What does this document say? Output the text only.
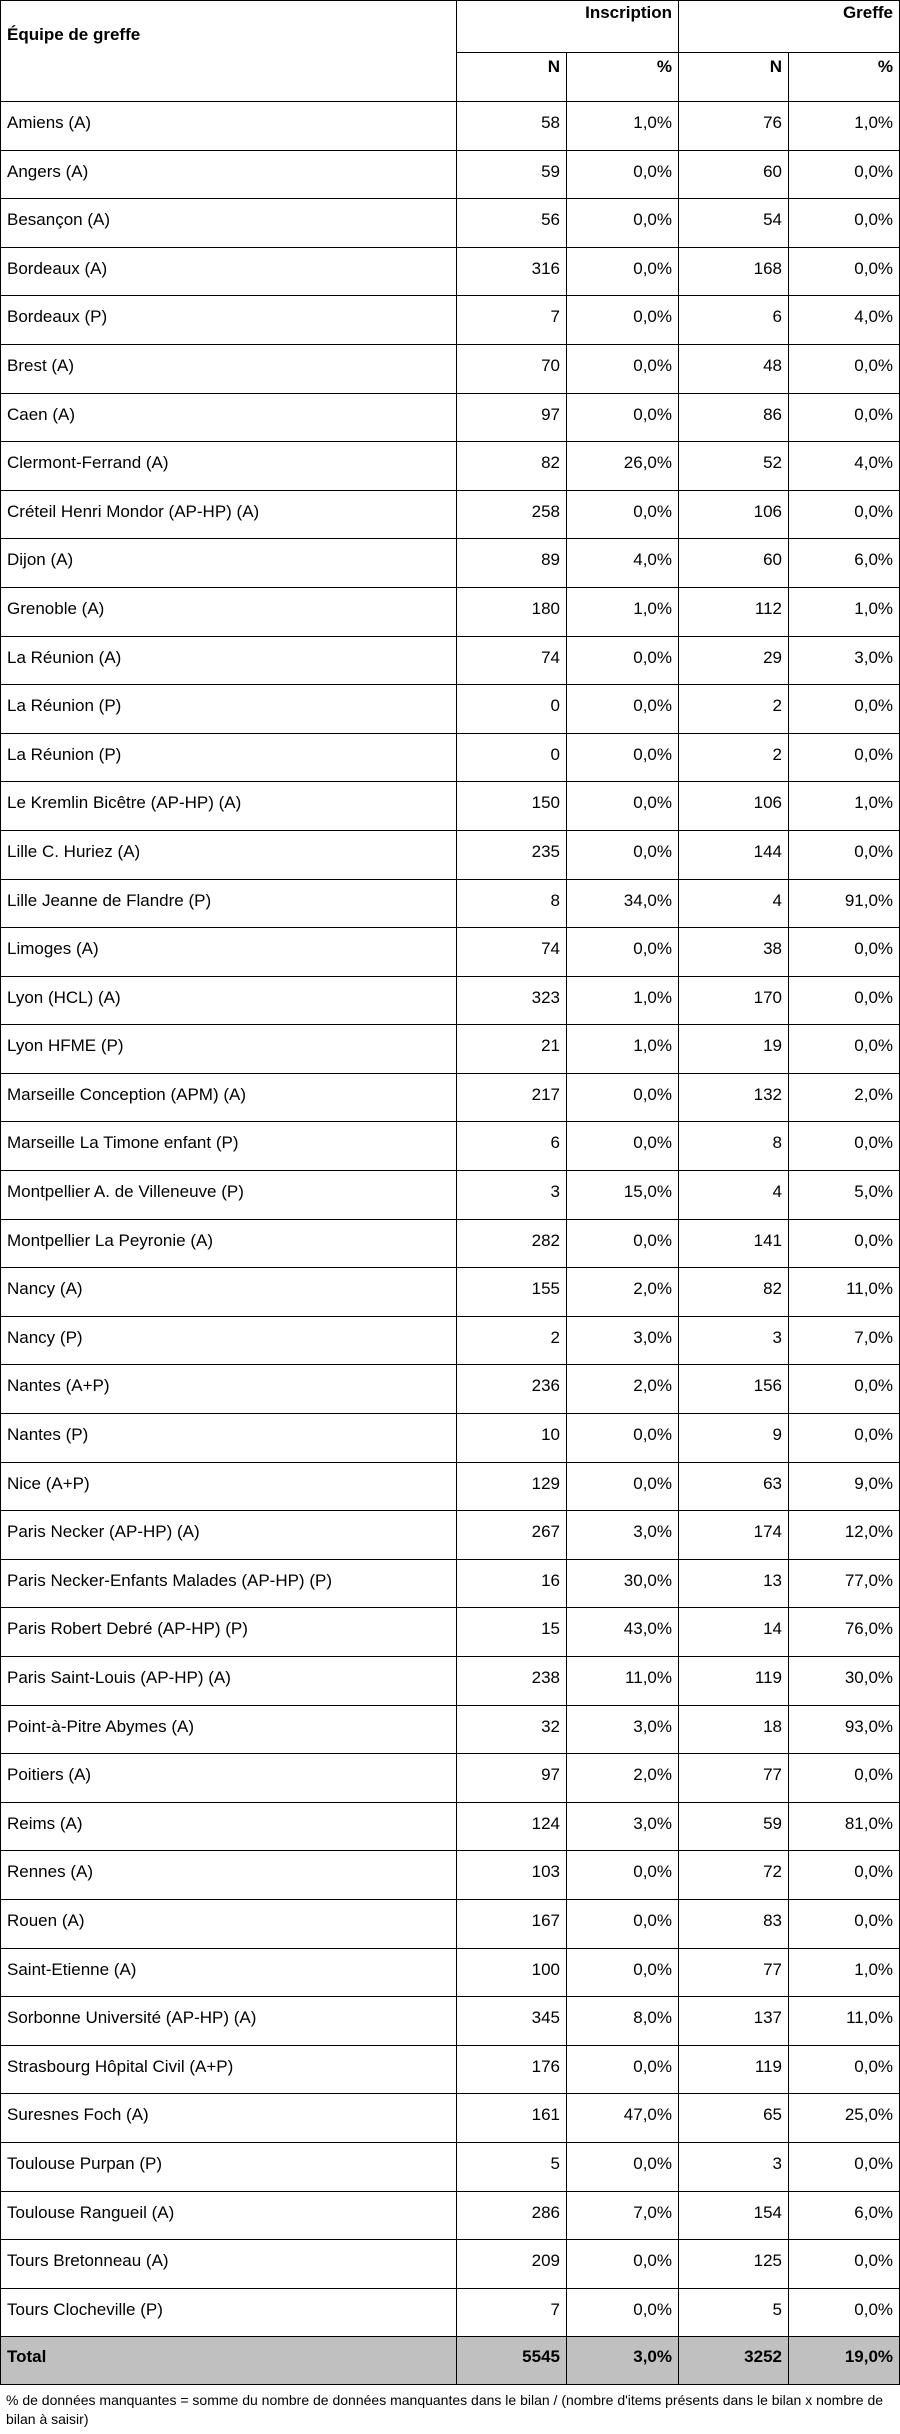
Équipe de greffe	Inscription		Greffe	
	N	%	N	%
Amiens (A)	58	1,0%	76	1,0%
Angers (A)	59	0,0%	60	0,0%
Besançon (A)	56	0,0%	54	0,0%
Bordeaux (A)	316	0,0%	168	0,0%
Bordeaux (P)	7	0,0%	6	4,0%
Brest (A)	70	0,0%	48	0,0%
Caen (A)	97	0,0%	86	0,0%
Clermont-Ferrand (A)	82	26,0%	52	4,0%
Créteil Henri Mondor (AP-HP) (A)	258	0,0%	106	0,0%
Dijon (A)	89	4,0%	60	6,0%
Grenoble (A)	180	1,0%	112	1,0%
La Réunion (A)	74	0,0%	29	3,0%
La Réunion (P)	0	0,0%	2	0,0%
La Réunion (P)	0	0,0%	2	0,0%
Le Kremlin Bicêtre (AP-HP) (A)	150	0,0%	106	1,0%
Lille C. Huriez (A)	235	0,0%	144	0,0%
Lille Jeanne de Flandre (P)	8	34,0%	4	91,0%
Limoges (A)	74	0,0%	38	0,0%
Lyon (HCL) (A)	323	1,0%	170	0,0%
Lyon HFME (P)	21	1,0%	19	0,0%
Marseille Conception (APM) (A)	217	0,0%	132	2,0%
Marseille La Timone enfant (P)	6	0,0%	8	0,0%
Montpellier A. de Villeneuve (P)	3	15,0%	4	5,0%
Montpellier La Peyronie (A)	282	0,0%	141	0,0%
Nancy (A)	155	2,0%	82	11,0%
Nancy (P)	2	3,0%	3	7,0%
Nantes (A+P)	236	2,0%	156	0,0%
Nantes (P)	10	0,0%	9	0,0%
Nice (A+P)	129	0,0%	63	9,0%
Paris Necker (AP-HP) (A)	267	3,0%	174	12,0%
Paris Necker-Enfants Malades (AP-HP) (P)	16	30,0%	13	77,0%
Paris Robert Debré (AP-HP) (P)	15	43,0%	14	76,0%
Paris Saint-Louis (AP-HP) (A)	238	11,0%	119	30,0%
Point-à-Pitre Abymes (A)	32	3,0%	18	93,0%
Poitiers (A)	97	2,0%	77	0,0%
Reims (A)	124	3,0%	59	81,0%
Rennes (A)	103	0,0%	72	0,0%
Rouen (A)	167	0,0%	83	0,0%
Saint-Etienne (A)	100	0,0%	77	1,0%
Sorbonne Université (AP-HP) (A)	345	8,0%	137	11,0%
Strasbourg Hôpital Civil (A+P)	176	0,0%	119	0,0%
Suresnes Foch (A)	161	47,0%	65	25,0%
Toulouse Purpan (P)	5	0,0%	3	0,0%
Toulouse Rangueil (A)	286	7,0%	154	6,0%
Tours Bretonneau (A)	209	0,0%	125	0,0%
Tours Clocheville (P)	7	0,0%	5	0,0%
Total	5545	3,0%	3252	19,0%
% de données manquantes = somme du nombre de données manquantes dans le bilan / (nombre d'items présents dans le bilan x nombre de bilan à saisir)
